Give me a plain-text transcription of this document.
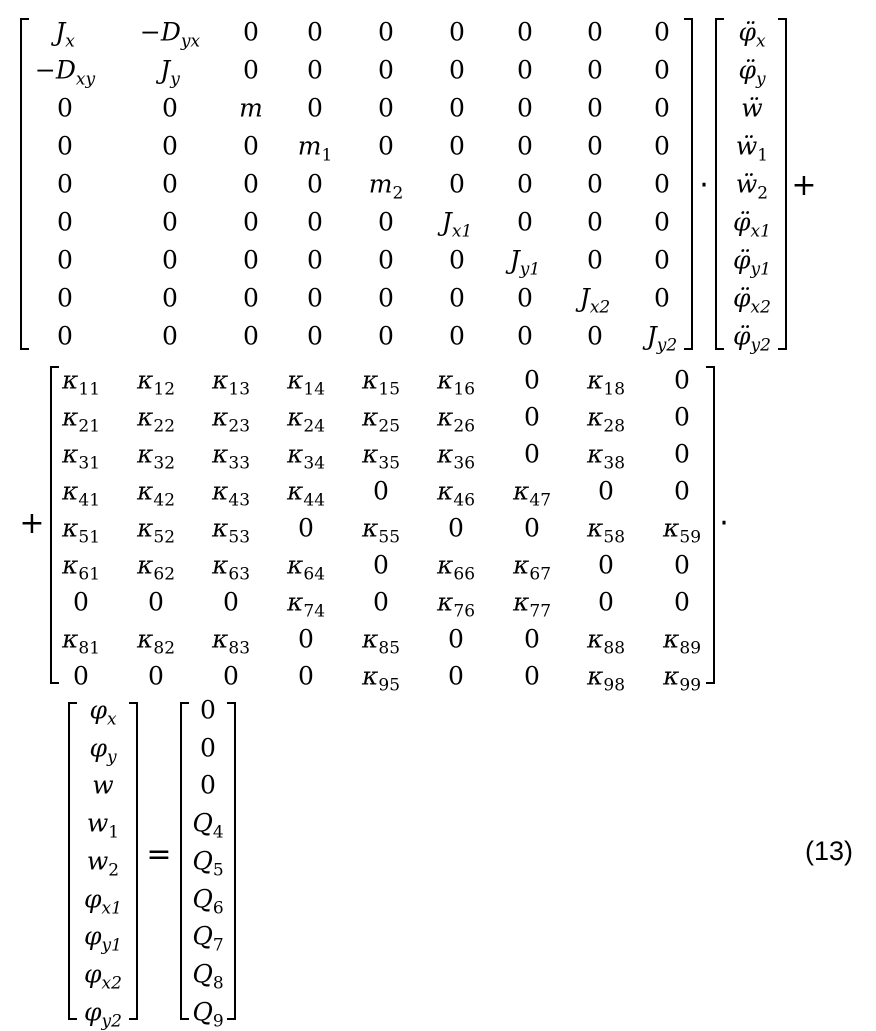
$J_x$	$-D_{yx}$ 0 0 0 0 0 0 0
$-D_{xy}$	$J_y$	0 0 0 0 0 0 0
0	0 m 0 0 0 0 0 0
0	0	0 $m_1$ 0 0 0 0 0
0	0	0 0 $m_2$ 0 0 0 0
0	0	0 0 0 $J_{x1}$ 0 0 0
0	0	0 0 0 0 $J_{y1}$ 0 0
0	0	0 0 0 0 0 $J_{x2}$ 0
0	0	0 0 0 0 0 0 $J_{y2}$
·
$\varphï_x$
$\varphï_y$
ẅ
ẅ$_1$
ẅ$_2$
$\varphï_{x1}$
$\varphï_{y1}$
$\varphï_{x2}$
$\varphï_{y2}$
+
+
$\kappa_{11}$ $\kappa_{12}$ $\kappa_{13}$ $\kappa_{14}$ $\kappa_{15}$ $\kappa_{16}$ 0 $\kappa_{18}$ 0
$\kappa_{21}$ $\kappa_{22}$ $\kappa_{23}$ $\kappa_{24}$ $\kappa_{25}$ $\kappa_{26}$ 0 $\kappa_{28}$ 0
$\kappa_{31}$ $\kappa_{32}$ $\kappa_{33}$ $\kappa_{34}$ $\kappa_{35}$ $\kappa_{36}$ 0 $\kappa_{38}$ 0
$\kappa_{41}$ $\kappa_{42}$ $\kappa_{43}$ $\kappa_{44}$ 0 $\kappa_{46}$ $\kappa_{47}$ 0 0
$\kappa_{51}$ $\kappa_{52}$ $\kappa_{53}$ 0 $\kappa_{55}$ 0 0 $\kappa_{58}$ $\kappa_{59}$
$\kappa_{61}$ $\kappa_{62}$ $\kappa_{63}$ $\kappa_{64}$ 0 $\kappa_{66}$ $\kappa_{67}$ 0 0
0 0 0 $\kappa_{74}$ 0 $\kappa_{76}$ $\kappa_{77}$ 0 0
$\kappa_{81}$ $\kappa_{82}$ $\kappa_{83}$ 0 $\kappa_{85}$ 0 0 $\kappa_{88}$ $\kappa_{89}$
0 0 0 0 $\kappa_{95}$ 0 0 $\kappa_{98}$ $\kappa_{99}$
·
$\varphi_x$
$\varphi_y$
w
$w_1$
$w_2$
$\varphi_{x1}$
$\varphi_{y1}$
$\varphi_{x2}$
$\varphi_{y2}$
=
0
0
0
$Q_4$
$Q_5$
$Q_6$
$Q_7$
$Q_8$
$Q_9$
(13)
